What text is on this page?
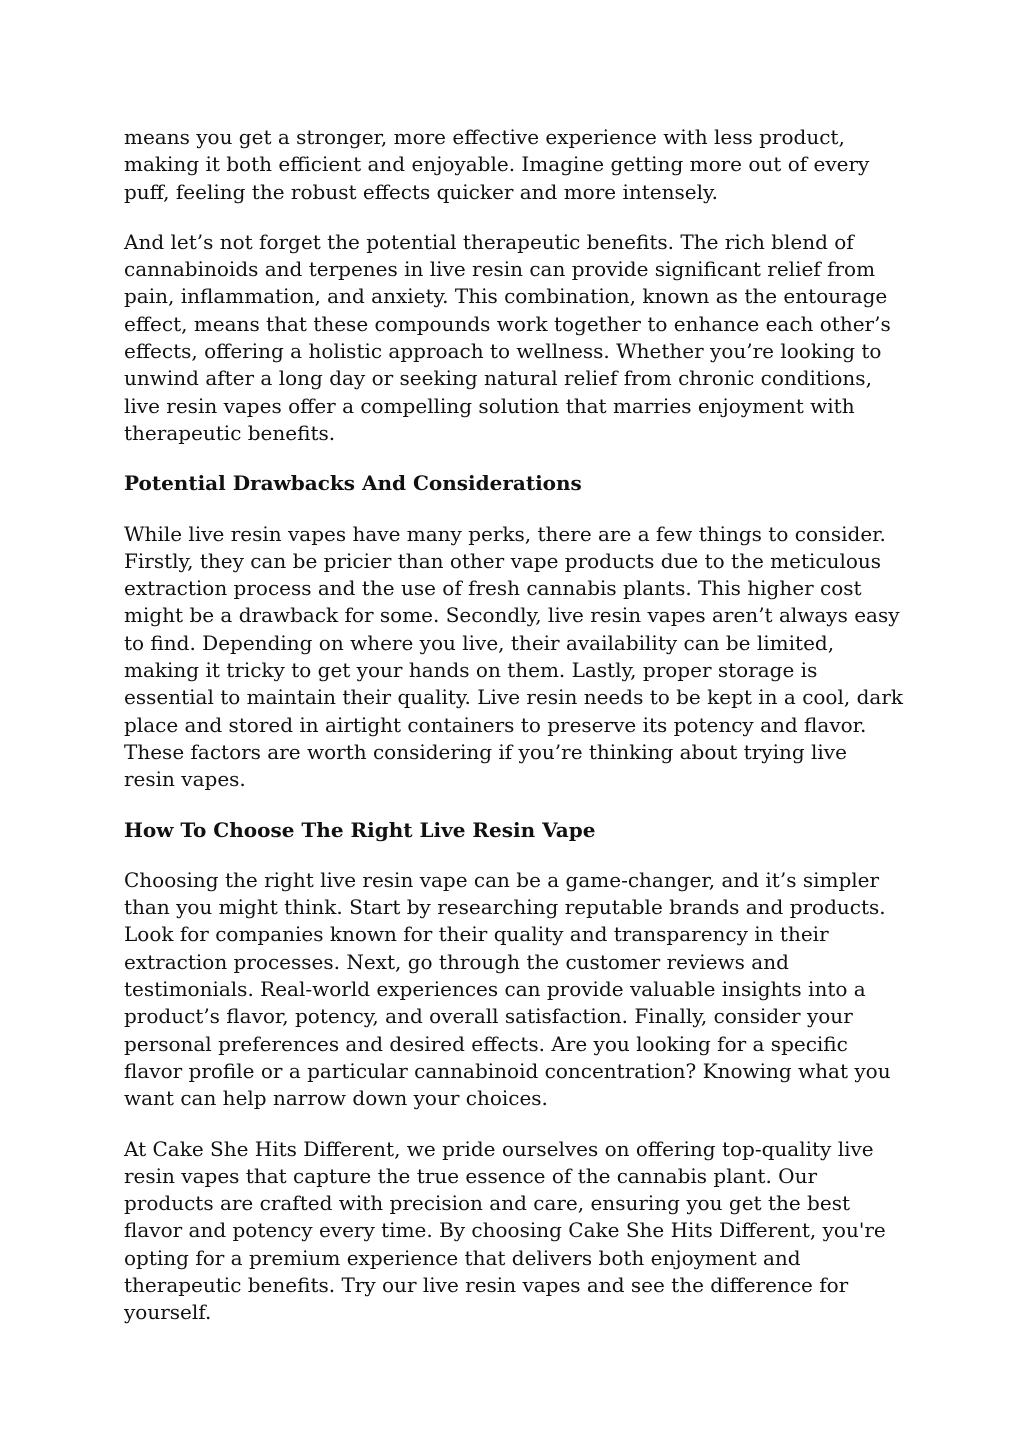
means you get a stronger, more effective experience with less product, making it both efficient and enjoyable. Imagine getting more out of every puff, feeling the robust effects quicker and more intensely.

And let’s not forget the potential therapeutic benefits. The rich blend of cannabinoids and terpenes in live resin can provide significant relief from pain, inflammation, and anxiety. This combination, known as the entourage effect, means that these compounds work together to enhance each other’s effects, offering a holistic approach to wellness. Whether you’re looking to unwind after a long day or seeking natural relief from chronic conditions, live resin vapes offer a compelling solution that marries enjoyment with therapeutic benefits.

Potential Drawbacks And Considerations

While live resin vapes have many perks, there are a few things to consider. Firstly, they can be pricier than other vape products due to the meticulous extraction process and the use of fresh cannabis plants. This higher cost might be a drawback for some. Secondly, live resin vapes aren’t always easy to find. Depending on where you live, their availability can be limited, making it tricky to get your hands on them. Lastly, proper storage is essential to maintain their quality. Live resin needs to be kept in a cool, dark place and stored in airtight containers to preserve its potency and flavor. These factors are worth considering if you’re thinking about trying live resin vapes.

How To Choose The Right Live Resin Vape

Choosing the right live resin vape can be a game-changer, and it’s simpler than you might think. Start by researching reputable brands and products. Look for companies known for their quality and transparency in their extraction processes. Next, go through the customer reviews and testimonials. Real-world experiences can provide valuable insights into a product’s flavor, potency, and overall satisfaction. Finally, consider your personal preferences and desired effects. Are you looking for a specific flavor profile or a particular cannabinoid concentration? Knowing what you want can help narrow down your choices.

At Cake She Hits Different, we pride ourselves on offering top-quality live resin vapes that capture the true essence of the cannabis plant. Our products are crafted with precision and care, ensuring you get the best flavor and potency every time. By choosing Cake She Hits Different, you're opting for a premium experience that delivers both enjoyment and therapeutic benefits. Try our live resin vapes and see the difference for yourself.
